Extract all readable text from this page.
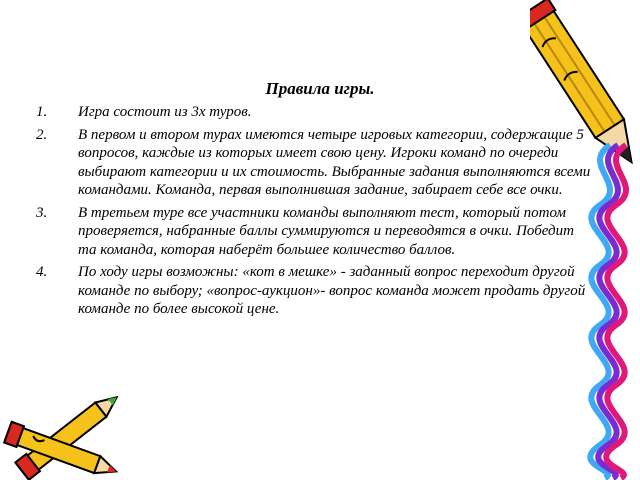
Правила игры.
1.	Игра состоит из 3х туров.
2.	В первом и втором турах имеются четыре игровых категории, содержащие 5 вопросов, каждые из которых имеет свою цену. Игроки команд по очереди выбирают категории и их стоимость. Выбранные задания выполняются всеми командами. Команда, первая выполнившая задание, забирает себе все очки.
3.	В третьем туре все участники команды выполняют тест, который потом проверяется, набранные баллы суммируются и переводятся в очки. Победит та команда, которая наберёт большее количество баллов.
4.	По ходу игры возможны: «кот в мешке» - заданный вопрос переходит другой команде по выбору; «вопрос-аукцион»- вопрос команда может продать другой команде по более высокой цене.
